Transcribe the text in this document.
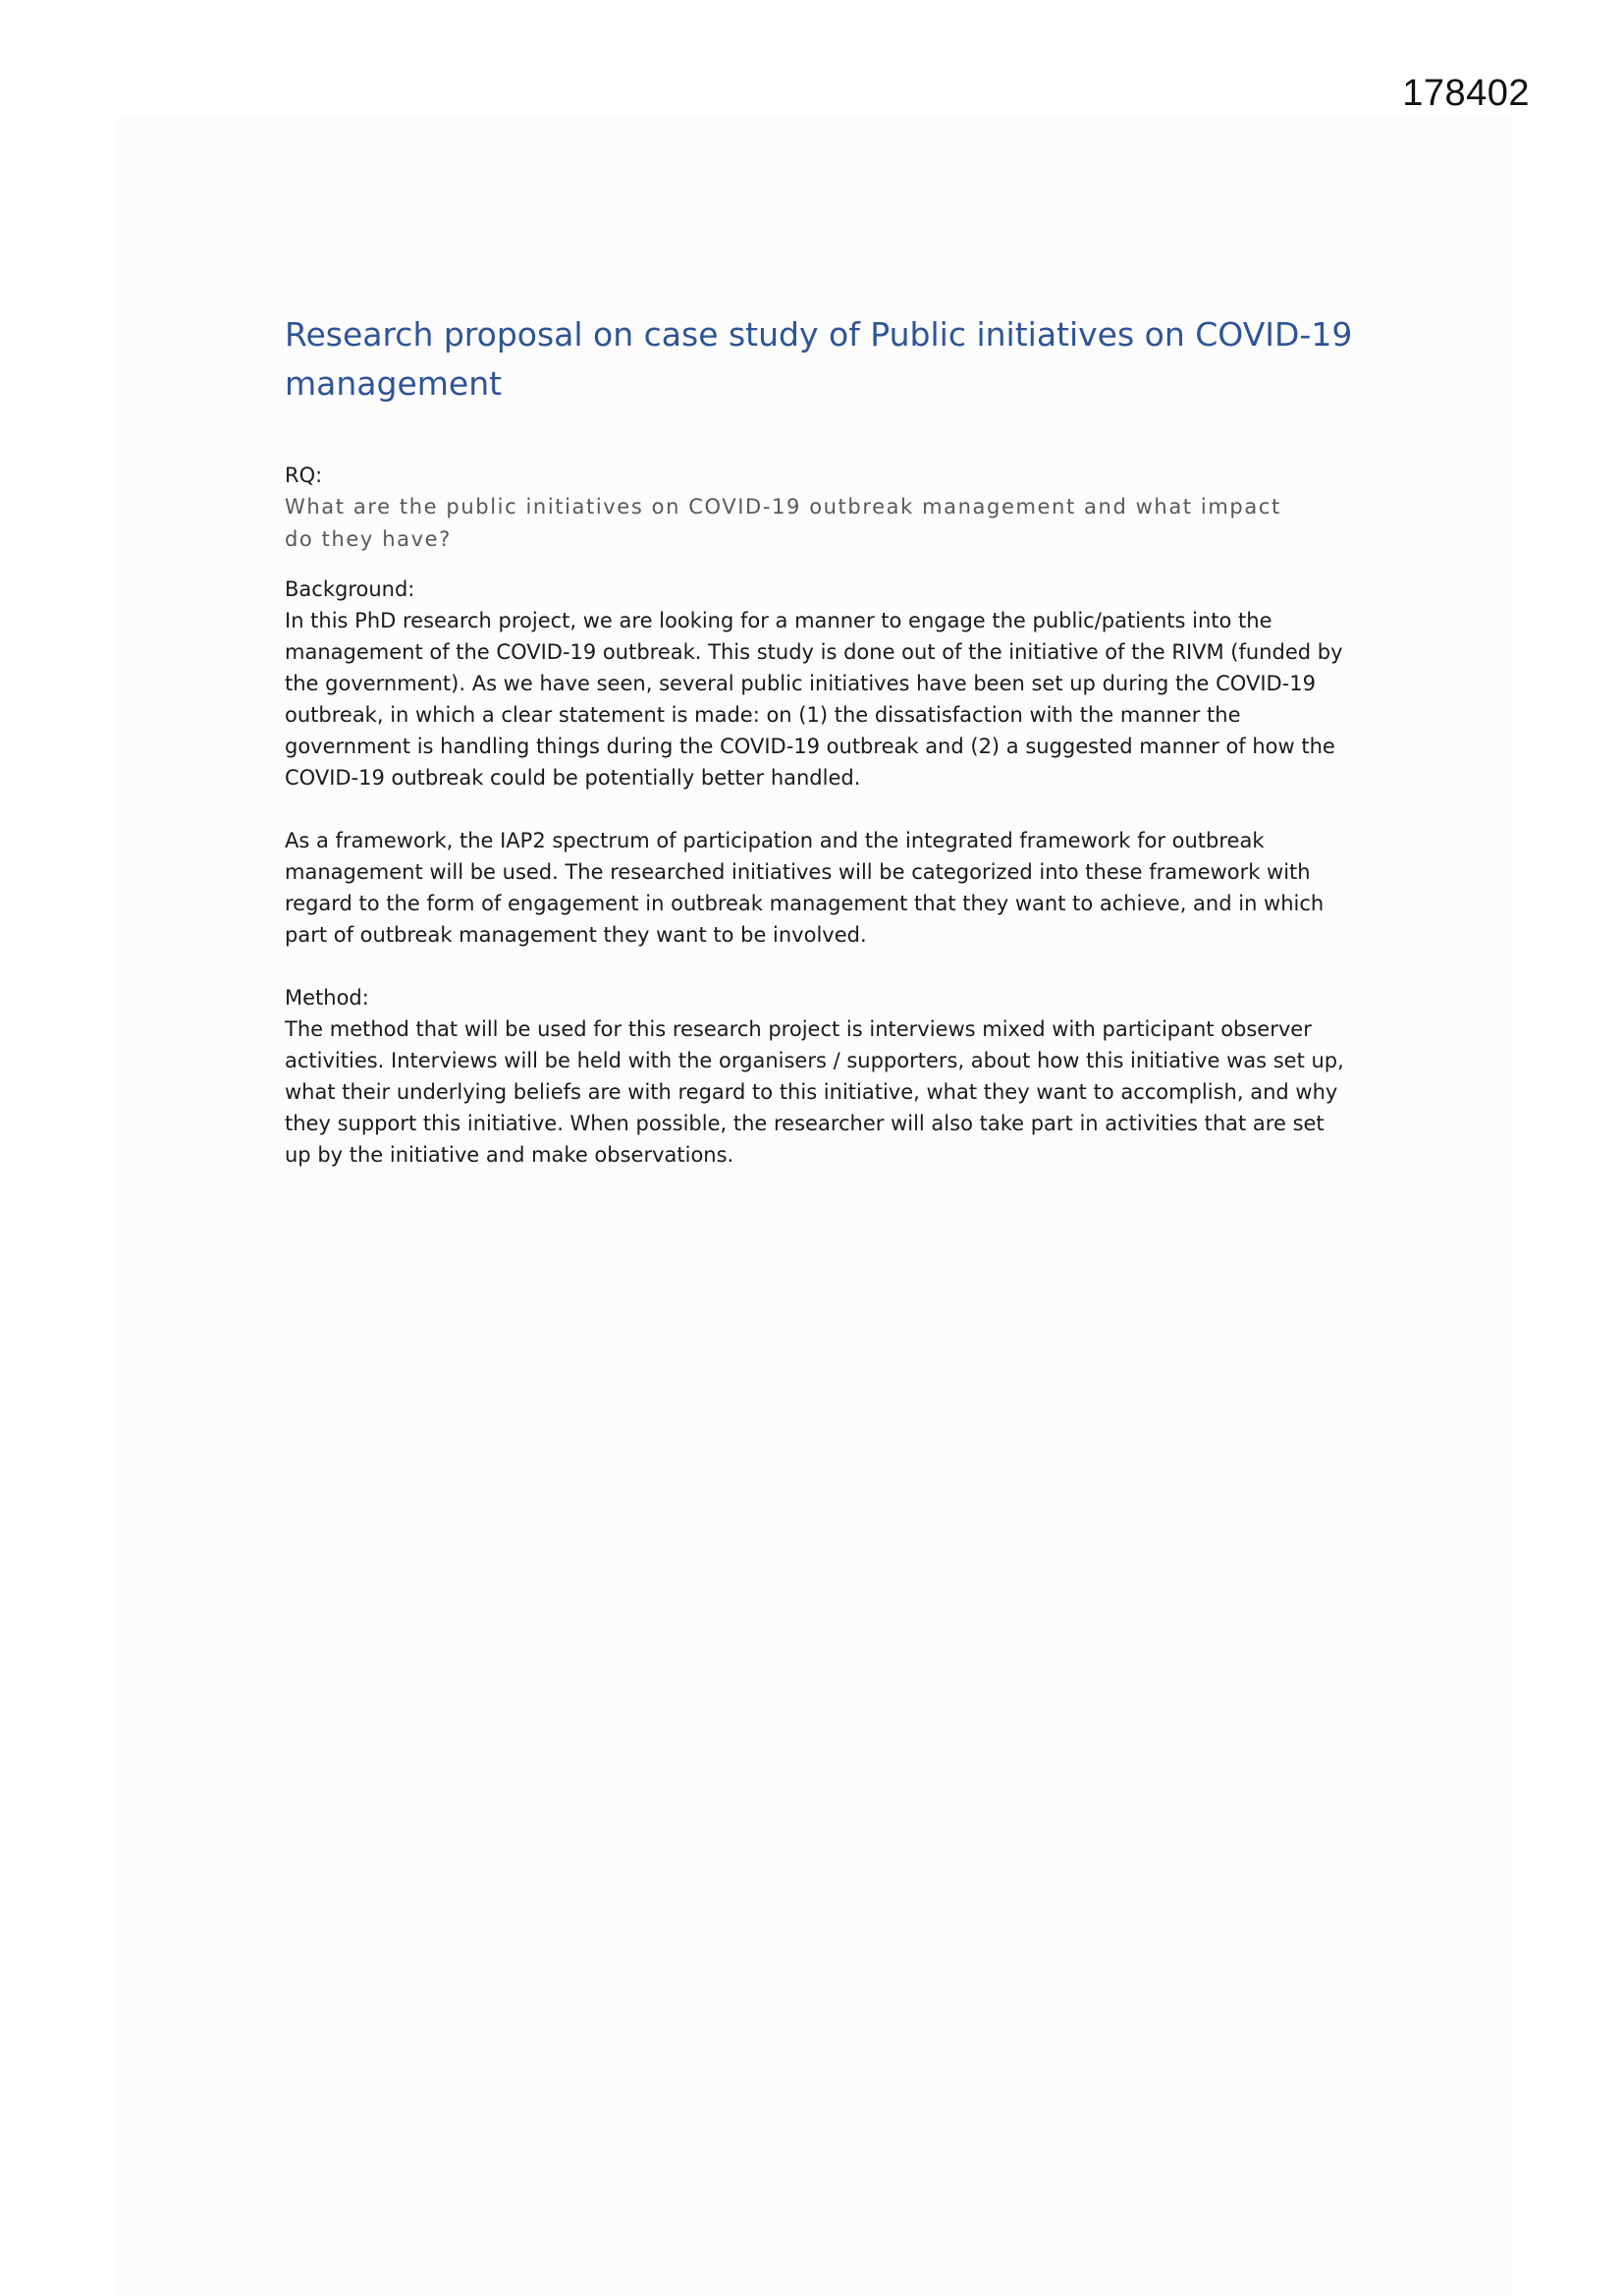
178402
Research proposal on case study of Public initiatives on COVID-19 management
RQ:
What are the public initiatives on COVID-19 outbreak management and what impact do they have?
Background:
In this PhD research project, we are looking for a manner to engage the public/patients into the management of the COVID-19 outbreak. This study is done out of the initiative of the RIVM (funded by the government). As we have seen, several public initiatives have been set up during the COVID-19 outbreak, in which a clear statement is made: on (1) the dissatisfaction with the manner the government is handling things during the COVID-19 outbreak and (2) a suggested manner of how the COVID-19 outbreak could be potentially better handled.
As a framework, the IAP2 spectrum of participation and the integrated framework for outbreak management will be used. The researched initiatives will be categorized into these framework with regard to the form of engagement in outbreak management that they want to achieve, and in which part of outbreak management they want to be involved.
Method:
The method that will be used for this research project is interviews mixed with participant observer activities. Interviews will be held with the organisers / supporters, about how this initiative was set up, what their underlying beliefs are with regard to this initiative, what they want to accomplish, and why they support this initiative. When possible, the researcher will also take part in activities that are set up by the initiative and make observations.
